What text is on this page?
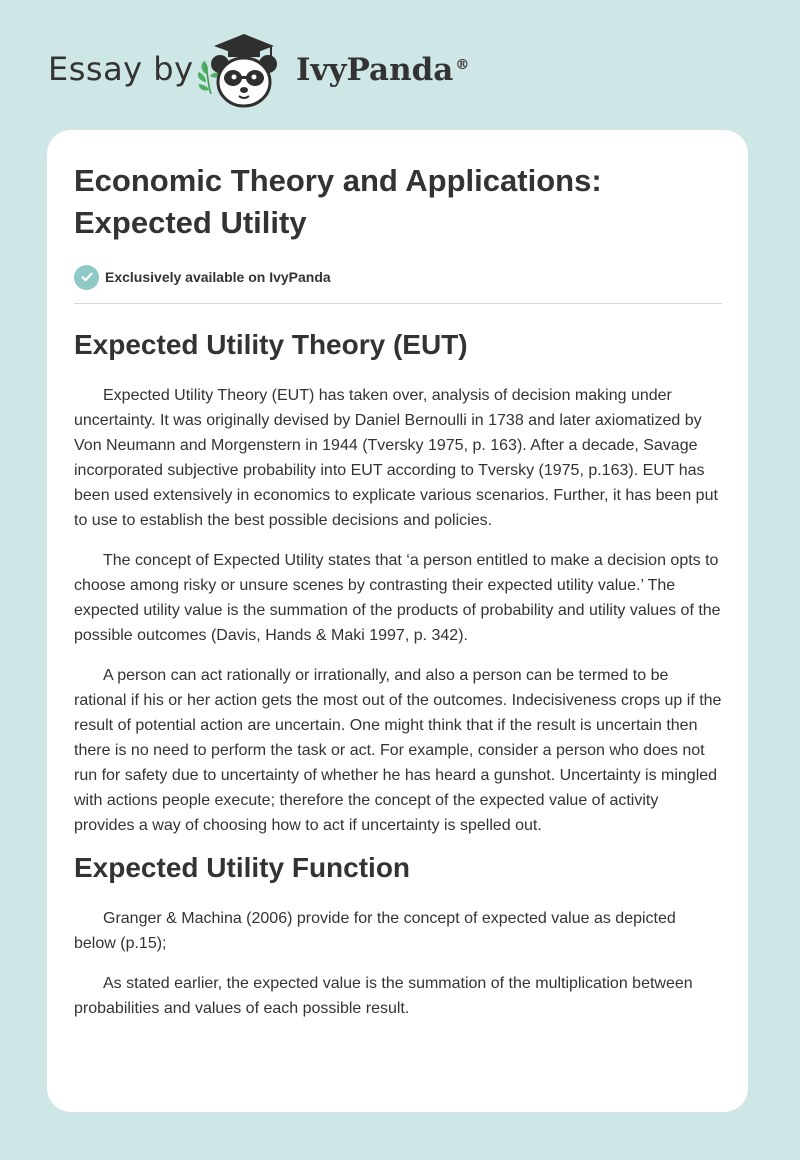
Essay by	IvyPanda ®
Economic Theory and Applications: Expected Utility
Exclusively available on IvyPanda
Expected Utility Theory (EUT)

Expected Utility Theory (EUT) has taken over, analysis of decision making under uncertainty. It was originally devised by Daniel Bernoulli in 1738 and later axiomatized by Von Neumann and Morgenstern in 1944 (Tversky 1975, p. 163). After a decade, Savage incorporated subjective probability into EUT according to Tversky (1975, p.163). EUT has been used extensively in economics to explicate various scenarios. Further, it has been put to use to establish the best possible decisions and policies.

The concept of Expected Utility states that ‘a person entitled to make a decision opts to choose among risky or unsure scenes by contrasting their expected utility value.’ The expected utility value is the summation of the products of probability and utility values of the possible outcomes (Davis, Hands & Maki 1997, p. 342).

A person can act rationally or irrationally, and also a person can be termed to be rational if his or her action gets the most out of the outcomes. Indecisiveness crops up if the result of potential action are uncertain. One might think that if the result is uncertain then there is no need to perform the task or act. For example, consider a person who does not run for safety due to uncertainty of whether he has heard a gunshot. Uncertainty is mingled with actions people execute; therefore the concept of the expected value of activity provides a way of choosing how to act if uncertainty is spelled out.

Expected Utility Function

Granger & Machina (2006) provide for the concept of expected value as depicted below (p.15);

As stated earlier, the expected value is the summation of the multiplication between probabilities and values of each possible result.
